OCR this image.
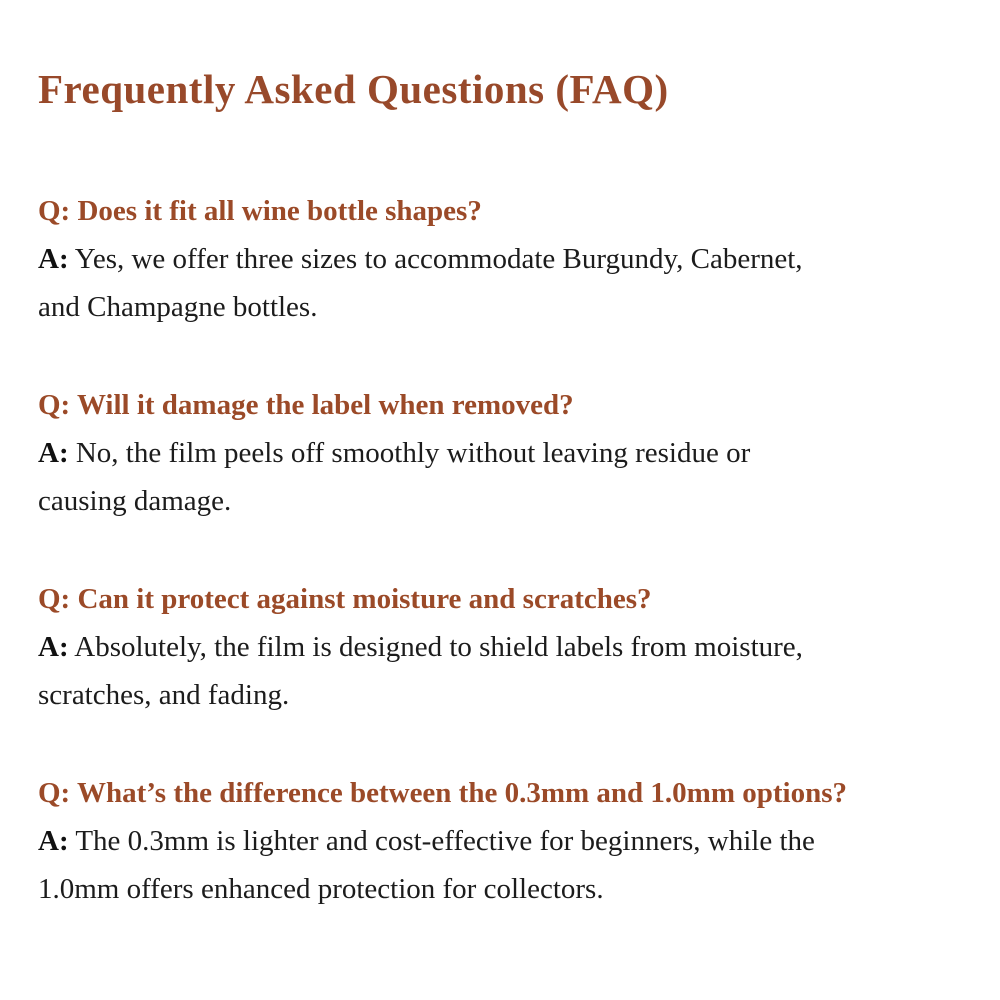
Frequently Asked Questions (FAQ)

Q: Does it fit all wine bottle shapes?

A: Yes, we offer three sizes to accommodate Burgundy, Cabernet,

and Champagne bottles.

Q: Will it damage the label when removed?

A: No, the film peels off smoothly without leaving residue or

causing damage.

Q: Can it protect against moisture and scratches?

A: Absolutely, the film is designed to shield labels from moisture,

scratches, and fading.

Q: What’s the difference between the 0.3mm and 1.0mm options?

A: The 0.3mm is lighter and cost-effective for beginners, while the

1.0mm offers enhanced protection for collectors.
